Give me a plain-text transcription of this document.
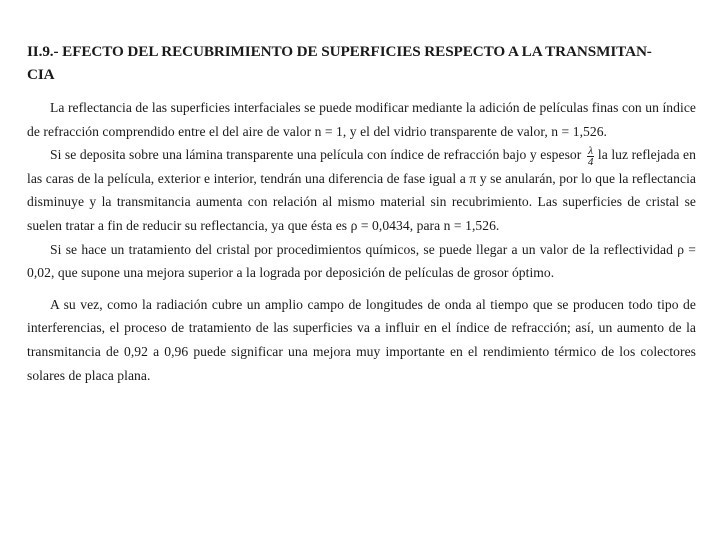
II.9.- EFECTO DEL RECUBRIMIENTO DE SUPERFICIES RESPECTO A LA TRANSMITAN-
CIA

La reflectancia de las superficies interfaciales se puede modificar mediante la adición de películas finas con un índice de refracción comprendido entre el del aire de valor n = 1, y el del vidrio transparente de valor, n = 1,526.

Si se deposita sobre una lámina transparente una película con índice de refracción bajo y espesor $\frac{\lambda}{4}$ la luz reflejada en las caras de la película, exterior e interior, tendrán una diferencia de fase igual a π y se anularán, por lo que la reflectancia disminuye y la transmitancia aumenta con relación al mismo material sin recubrimiento. Las superficies de cristal se suelen tratar a fin de reducir su reflectancia, ya que ésta es ρ = 0,0434, para n = 1,526.

Si se hace un tratamiento del cristal por procedimientos químicos, se puede llegar a un valor de la reflectividad ρ = 0,02, que supone una mejora superior a la lograda por deposición de películas de grosor óptimo.

A su vez, como la radiación cubre un amplio campo de longitudes de onda al tiempo que se producen todo tipo de interferencias, el proceso de tratamiento de las superficies va a influir en el índice de refracción; así, un aumento de la transmitancia de 0,92 a 0,96 puede significar una mejora muy importante en el rendimiento térmico de los colectores solares de placa plana.
